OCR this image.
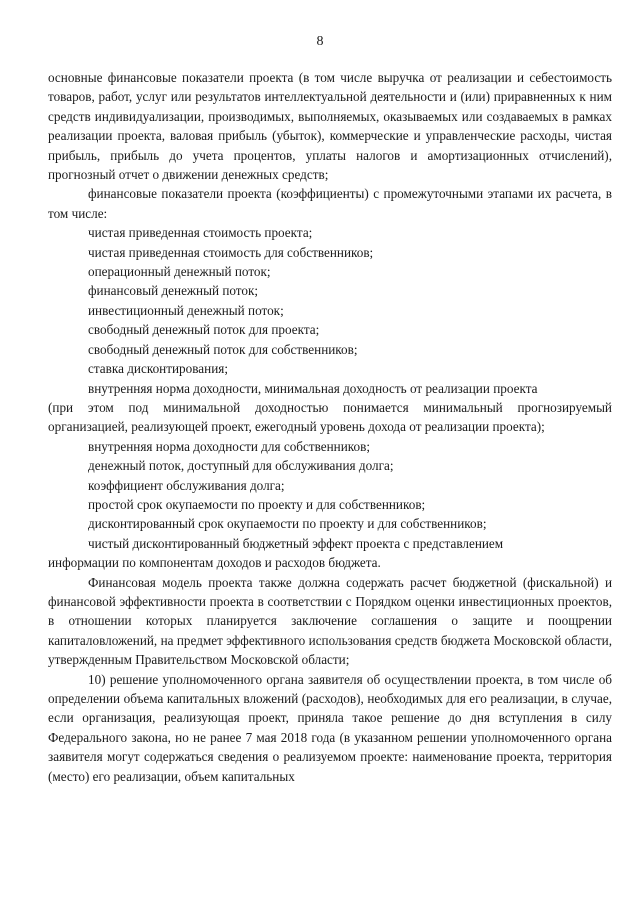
8

основные финансовые показатели проекта (в том числе выручка от реализации и себестоимость товаров, работ, услуг или результатов интеллектуальной деятельности и (или) приравненных к ним средств индивидуализации, производимых, выполняемых, оказываемых или создаваемых в рамках реализации проекта, валовая прибыль (убыток), коммерческие и управленческие расходы, чистая прибыль, прибыль до учета процентов, уплаты налогов и амортизационных отчислений), прогнозный отчет о движении денежных средств;

финансовые показатели проекта (коэффициенты) с промежуточными этапами их расчета, в том числе:

чистая приведенная стоимость проекта;
чистая приведенная стоимость для собственников;
операционный денежный поток;
финансовый денежный поток;
инвестиционный денежный поток;
свободный денежный поток для проекта;
свободный денежный поток для собственников;
ставка дисконтирования;
внутренняя норма доходности, минимальная доходность от реализации проекта
(при этом под минимальной доходностью понимается минимальный прогнозируемый организацией, реализующей проект, ежегодный уровень дохода от реализации проекта);
внутренняя норма доходности для собственников;
денежный поток, доступный для обслуживания долга;
коэффициент обслуживания долга;
простой срок окупаемости по проекту и для собственников;
дисконтированный срок окупаемости по проекту и для собственников;
чистый дисконтированный бюджетный эффект проекта с представлением
информации по компонентам доходов и расходов бюджета.

Финансовая модель проекта также должна содержать расчет бюджетной (фискальной) и финансовой эффективности проекта в соответствии с Порядком оценки инвестиционных проектов, в отношении которых планируется заключение соглашения о защите и поощрении капиталовложений, на предмет эффективного использования средств бюджета Московской области, утвержденным Правительством Московской области;

10) решение уполномоченного органа заявителя об осуществлении проекта, в том числе об определении объема капитальных вложений (расходов), необходимых для его реализации, в случае, если организация, реализующая проект, приняла такое решение до дня вступления в силу Федерального закона, но не ранее 7 мая 2018 года (в указанном решении уполномоченного органа заявителя могут содержаться сведения о реализуемом проекте: наименование проекта, территория (место) его реализации, объем капитальных
